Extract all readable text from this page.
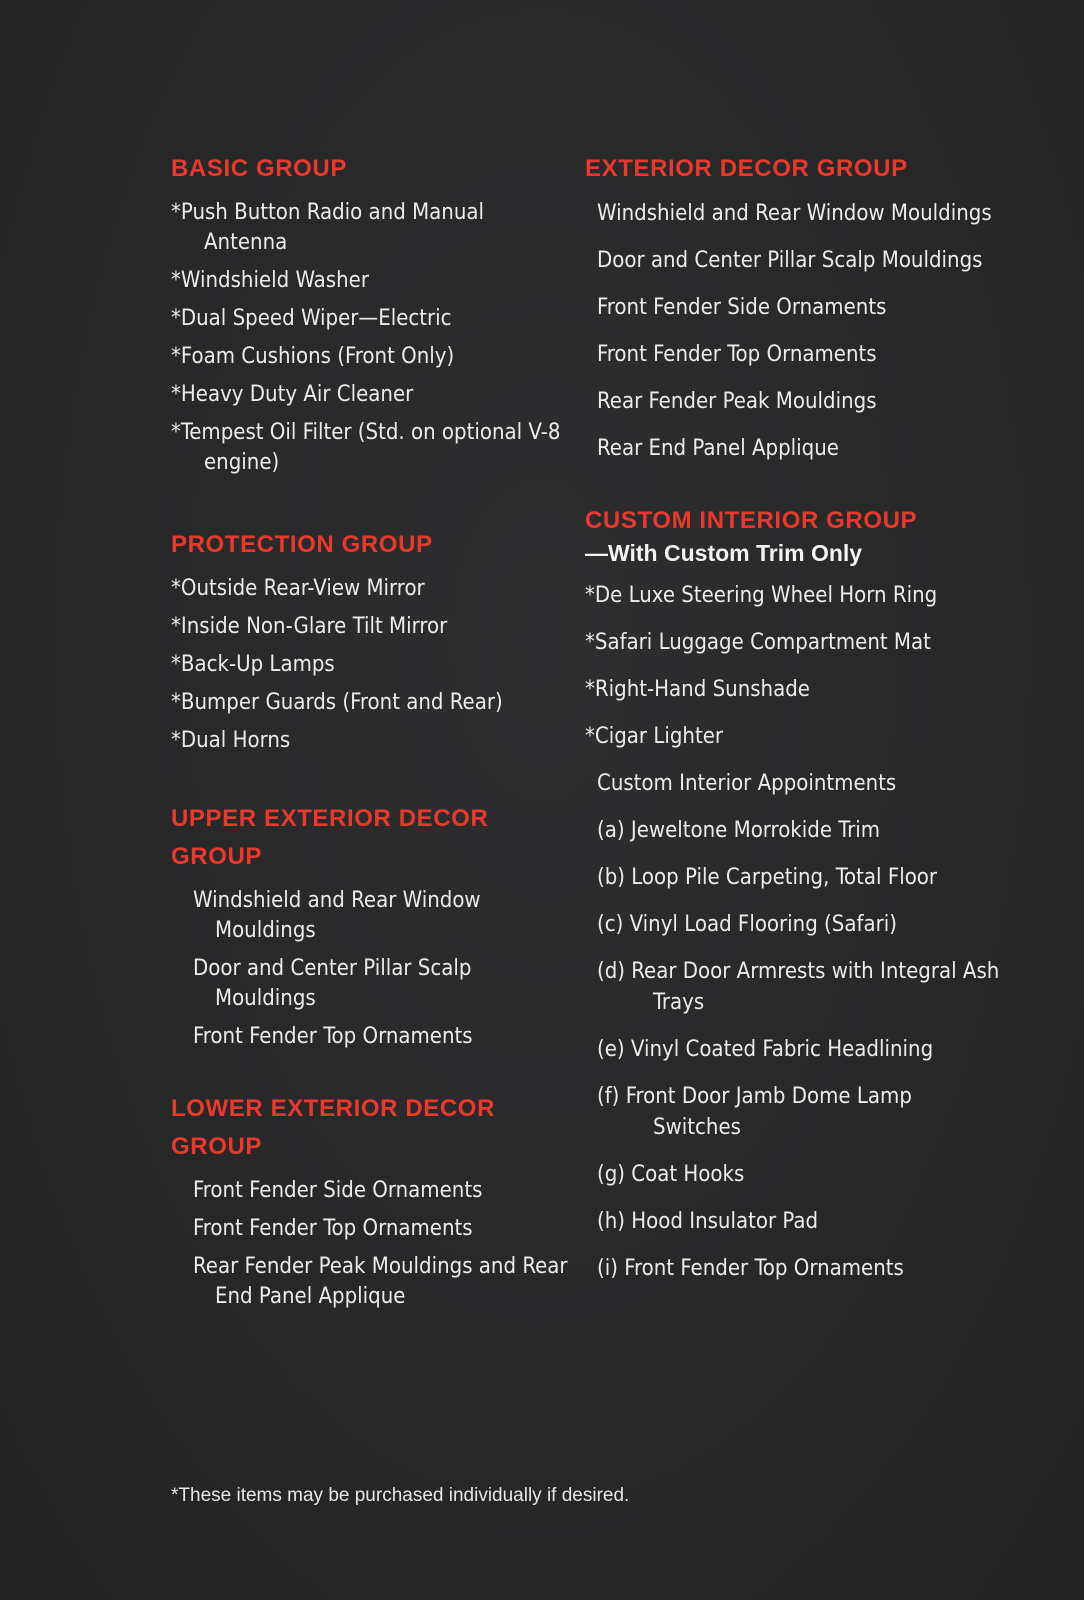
BASIC GROUP
*Push Button Radio and Manual Antenna
*Windshield Washer
*Dual Speed Wiper—Electric
*Foam Cushions (Front Only)
*Heavy Duty Air Cleaner
*Tempest Oil Filter (Std. on optional V-8 engine)
PROTECTION GROUP
*Outside Rear-View Mirror
*Inside Non-Glare Tilt Mirror
*Back-Up Lamps
*Bumper Guards (Front and Rear)
*Dual Horns
UPPER EXTERIOR DECOR GROUP
Windshield and Rear Window Mouldings
Door and Center Pillar Scalp Mouldings
Front Fender Top Ornaments
LOWER EXTERIOR DECOR GROUP
Front Fender Side Ornaments
Front Fender Top Ornaments
Rear Fender Peak Mouldings and Rear End Panel Applique
EXTERIOR DECOR GROUP
Windshield and Rear Window Mouldings
Door and Center Pillar Scalp Mouldings
Front Fender Side Ornaments
Front Fender Top Ornaments
Rear Fender Peak Mouldings
Rear End Panel Applique
CUSTOM INTERIOR GROUP
—With Custom Trim Only
*De Luxe Steering Wheel Horn Ring
*Safari Luggage Compartment Mat
*Right-Hand Sunshade
*Cigar Lighter
Custom Interior Appointments
(a) Jeweltone Morrokide Trim
(b) Loop Pile Carpeting, Total Floor
(c) Vinyl Load Flooring (Safari)
(d) Rear Door Armrests with Integral Ash Trays
(e) Vinyl Coated Fabric Headlining
(f) Front Door Jamb Dome Lamp Switches
(g) Coat Hooks
(h) Hood Insulator Pad
(i) Front Fender Top Ornaments
*These items may be purchased individually if desired.
